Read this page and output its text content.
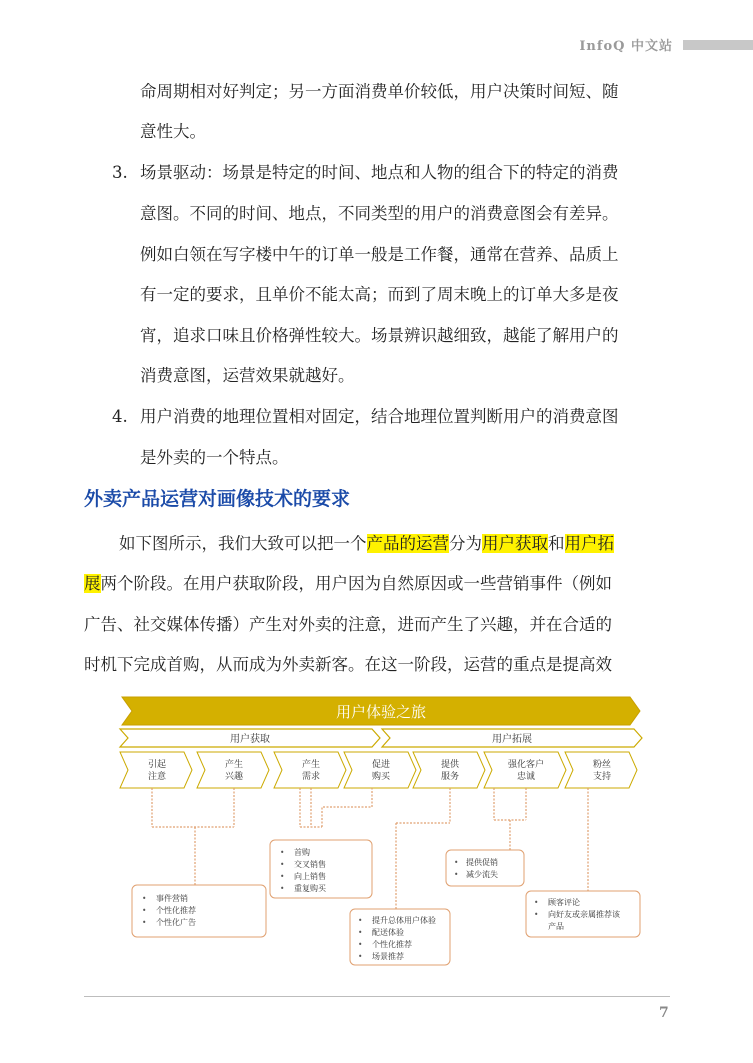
InfoQ 中文站
命周期相对好判定；另一方面消费单价较低，用户决策时间短、随
意性大。
3. 场景驱动：场景是特定的时间、地点和人物的组合下的特定的消费
意图。不同的时间、地点，不同类型的用户的消费意图会有差异。
例如白领在写字楼中午的订单一般是工作餐，通常在营养、品质上
有一定的要求，且单价不能太高；而到了周末晚上的订单大多是夜
宵，追求口味且价格弹性较大。场景辨识越细致，越能了解用户的
消费意图，运营效果就越好。
4. 用户消费的地理位置相对固定，结合地理位置判断用户的消费意图
是外卖的一个特点。
外卖产品运营对画像技术的要求
如下图所示，我们大致可以把一个产品的运营分为用户获取和用户拓
展两个阶段。在用户获取阶段，用户因为自然原因或一些营销事件（例如
广告、社交媒体传播）产生对外卖的注意，进而产生了兴趣，并在合适的
时机下完成首购，从而成为外卖新客。在这一阶段，运营的重点是提高效
用户体验之旅
用户获取	用户拓展
引起
注意
产生
兴趣
产生
需求
促进
购买
提供
服务
强化客户
忠诚
粉丝
支持
• 事件营销
• 个性化推荐
• 个性化广告
• 首购
• 交叉销售
• 向上销售
• 重复购买
• 提升总体用户体验
• 配送体验
• 个性化推荐
• 场景推荐
• 提供促销
• 减少流失
• 顾客评论
• 向好友或亲属推荐该
产品
7
